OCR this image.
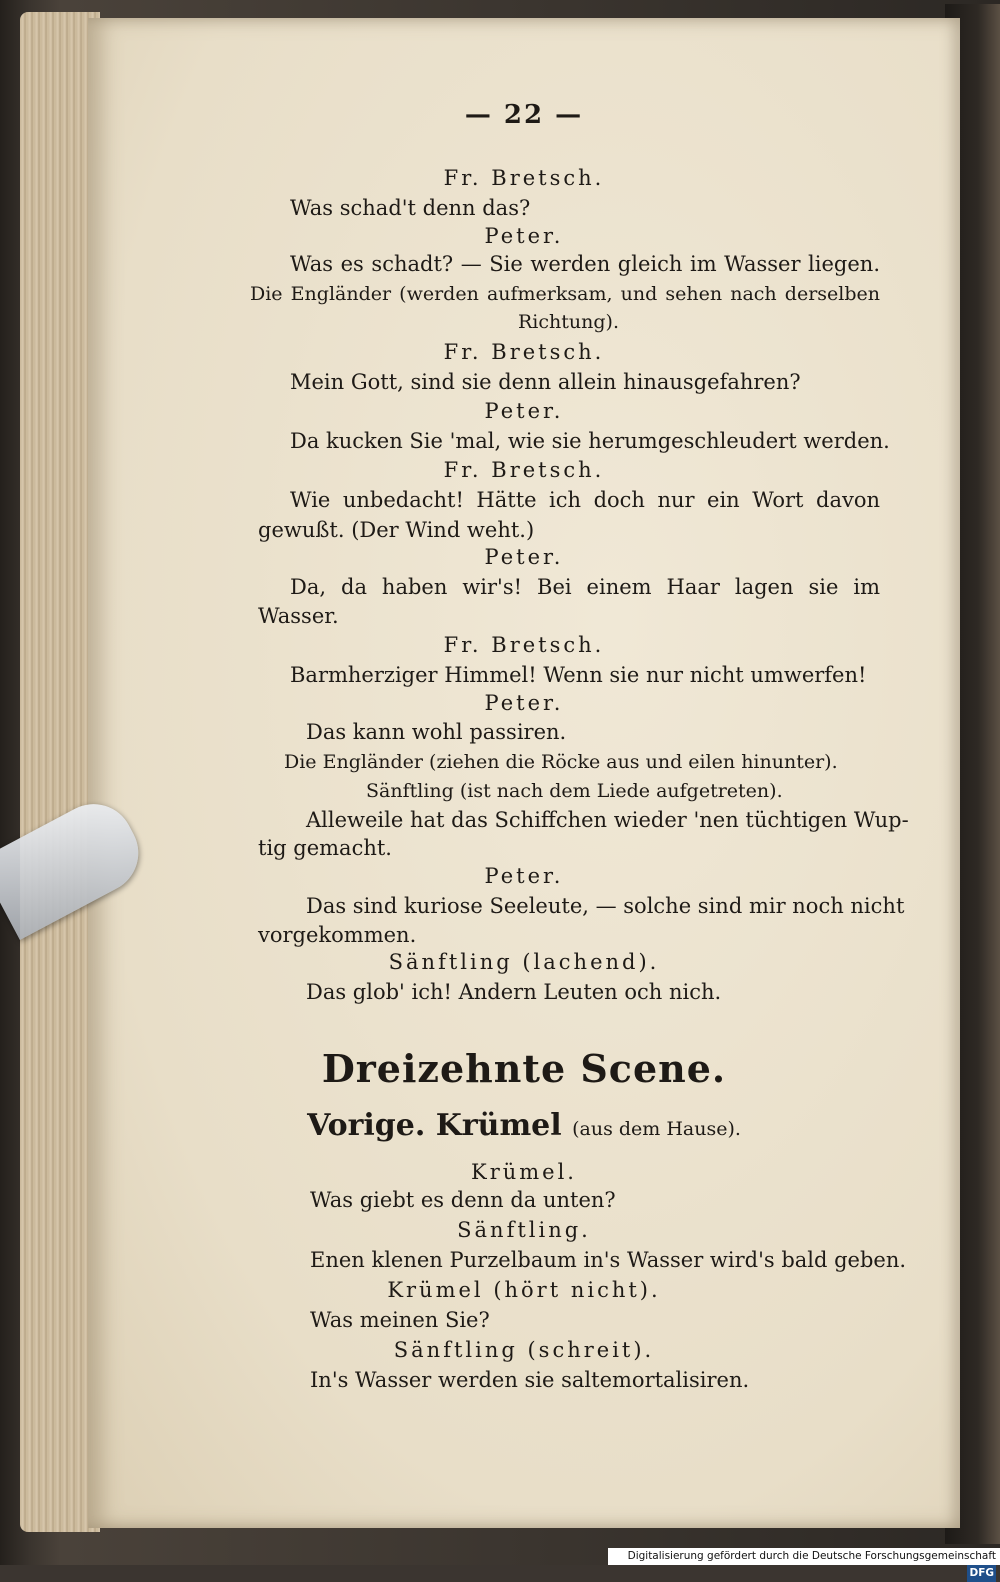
— 22 —
Fr. Bretsch.
Was schad't denn das?
Peter.
Was es schadt? — Sie werden gleich im Wasser liegen.
Die Engländer (werden aufmerksam, und sehen nach derselben
Richtung).
Fr. Bretsch.
Mein Gott, sind sie denn allein hinausgefahren?
Peter.
Da kucken Sie 'mal, wie sie herumgeschleudert werden.
Fr. Bretsch.
Wie unbedacht! Hätte ich doch nur ein Wort davon
gewußt. (Der Wind weht.)
Peter.
Da, da haben wir's! Bei einem Haar lagen sie im
Wasser.
Fr. Bretsch.
Barmherziger Himmel! Wenn sie nur nicht umwerfen!
Peter.
Das kann wohl passiren.
Die Engländer (ziehen die Röcke aus und eilen hinunter).
Sänftling (ist nach dem Liede aufgetreten).
Alleweile hat das Schiffchen wieder 'nen tüchtigen Wup-
tig gemacht.
Peter.
Das sind kuriose Seeleute, — solche sind mir noch nicht
vorgekommen.
Sänftling (lachend).
Das glob' ich! Andern Leuten och nich.
Dreizehnte Scene.
Vorige. Krümel (aus dem Hause).
Krümel.
Was giebt es denn da unten?
Sänftling.
Enen klenen Purzelbaum in's Wasser wird's bald geben.
Krümel (hört nicht).
Was meinen Sie?
Sänftling (schreit).
In's Wasser werden sie saltemortalisiren.
Digitalisierung gefördert durch die Deutsche Forschungsgemeinschaft DFG
